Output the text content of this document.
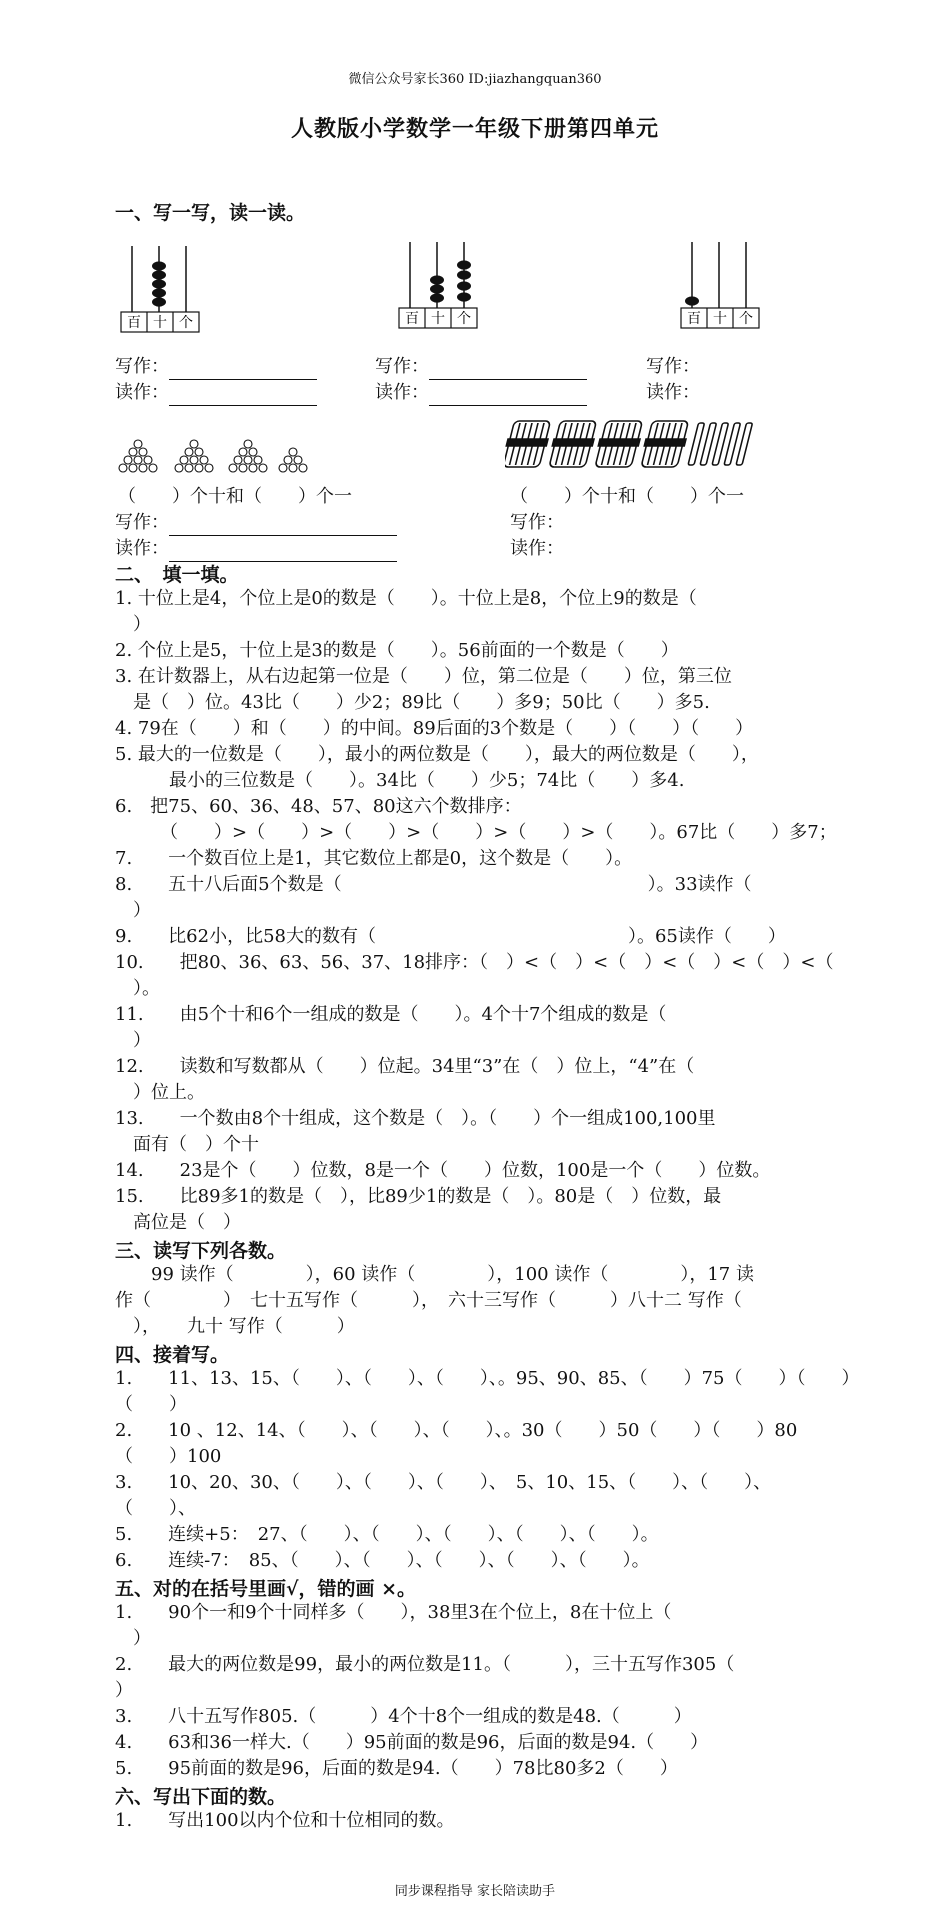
微信公众号家长360 ID:jiazhangquan360
人教版小学数学一年级下册第四单元
一、写一写，读一读。
百 十 个	百 十 个	百 十 个
写作：
读作：
写作：
读作：
写作：
读作：
（　　）个十和（　　）个一	（　　）个十和（　　）个一
写作：
读作：
写作：
读作：
二、　填一填。
1. 十位上是4，个位上是0的数是（　　）。十位上是8，个位上9的数是（
　）
2. 个位上是5，十位上是3的数是（　　）。56前面的一个数是（　　）
3. 在计数器上，从右边起第一位是（　　）位，第二位是（　　）位，第三位
　是（　）位。43比（　　）少2；89比（　　）多9；50比（　　）多5.
4. 79在（　　）和（　　）的中间。89后面的3个数是（　　）（　　）（　　）
5. 最大的一位数是（　　），最小的两位数是（　　），最大的两位数是（　　），
　　　最小的三位数是（　　）。34比（　　）少5；74比（　　）多4.
6.　把75、60、36、48、57、80这六个数排序：
　　　（　　）>（　　）>（　　）>（　　）>（　　）>（　　）。67比（　　）多7；
7.　　一个数百位上是1，其它数位上都是0，这个数是（　　）。
8.　　五十八后面5个数是（　　　　　　　　　　　　　　　　　）。33读作（
　）
9.　　比62小，比58大的数有（　　　　　　　　　　　　　　）。65读作（　　）
10.　　把80、36、63、56、37、18排序：（　）<（　）<（　）<（　）<（　）<（
　）。
11.　　由5个十和6个一组成的数是（　　）。4个十7个组成的数是（
　）
12.　　读数和写数都从（　　）位起。34里“3”在（　）位上，“4”在（
　）位上。
13.　　一个数由8个十组成，这个数是（　）。（　　）个一组成100,100里
　面有（　）个十
14.　　23是个（　　）位数，8是一个（　　）位数，100是一个（　　）位数。
15.　　比89多1的数是（　），比89少1的数是（　）。80是（　）位数，最
　高位是（　）
三、读写下列各数。
　　99 读作（　　　　），60 读作（　　　　），100 读作（　　　　），17 读
作（　　　　）　七十五写作（　　　），　六十三写作（　　　）八十二 写作（
　），　　九十 写作（　　　）
四、接着写。
1.　　11、13、15、（　　）、（　　）、（　　）、。95、90、85、（　　）75（　　）（　　）
（　　）
2.　　10 、12、14、（　　）、（　　）、（　　）、。30（　　）50（　　）（　　）80
（　　）100
3.　　10、20、30、（　　）、（　　）、（　　）、　5、10、15、（　　）、（　　）、
（　　）、
5.　　连续+5：　27、（　　）、（　　）、（　　）、（　　）、（　　）。
6.　　连续-7：　85、（　　）、（　　）、（　　）、（　　）、（　　）。
五、对的在括号里画√，错的画 ×。
1.　　90个一和9个十同样多（　　），38里3在个位上，8在十位上（
　）
2.　　最大的两位数是99，最小的两位数是11。（　　　），三十五写作305（
）
3.　　八十五写作805.（　　　）4个十8个一组成的数是48.（　　　）
4.　　63和36一样大.（　　）95前面的数是96，后面的数是94.（　　）
5.　　95前面的数是96，后面的数是94.（　　）78比80多2（　　）
六、写出下面的数。
1.　　写出100以内个位和十位相同的数。
同步课程指导 家长陪读助手
